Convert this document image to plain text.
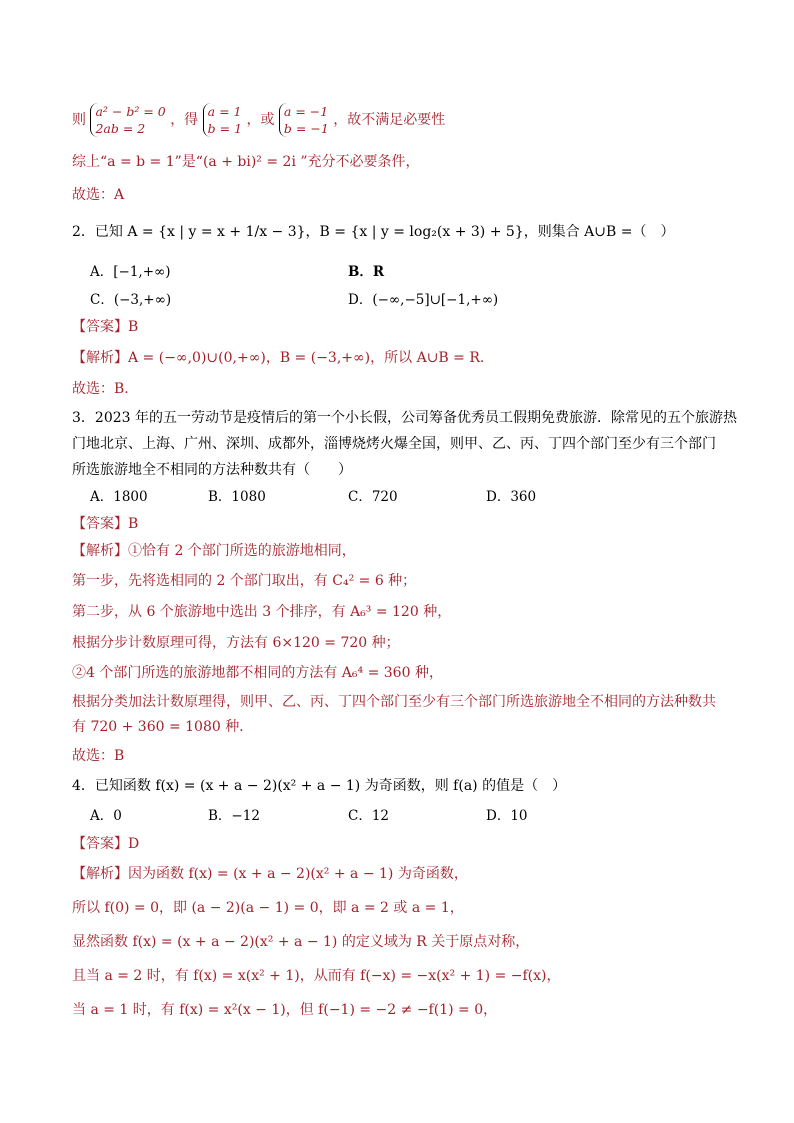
则 a² − b² = 0
2ab = 2 ，得 a = 1
b = 1 ，或 a = −1
b = −1 ，故不满足必要性
综上“a = b = 1”是“(a + bi)² = 2i ”充分不必要条件，
故选：A
2．已知 A = {x | y = x + 1/x − 3}，B = {x | y = log₂(x + 3) + 5}，则集合 A∪B =（　）
A．[−1,+∞)	B．R
C．(−3,+∞)	D．(−∞,−5]∪[−1,+∞)
【答案】B
【解析】A = (−∞,0)∪(0,+∞)，B = (−3,+∞)，所以 A∪B = R.
故选：B.
3．2023 年的五一劳动节是疫情后的第一个小长假，公司筹备优秀员工假期免费旅游．除常见的五个旅游热
门地北京、上海、广州、深圳、成都外，淄博烧烤火爆全国，则甲、乙、丙、丁四个部门至少有三个部门
所选旅游地全不相同的方法种数共有（　　）
A．1800	B．1080	C．720	D．360
【答案】B
【解析】①恰有 2 个部门所选的旅游地相同，
第一步，先将选相同的 2 个部门取出，有 C₄² = 6 种；
第二步，从 6 个旅游地中选出 3 个排序，有 A₆³ = 120 种，
根据分步计数原理可得，方法有 6×120 = 720 种；
②4 个部门所选的旅游地都不相同的方法有 A₆⁴ = 360 种，
根据分类加法计数原理得，则甲、乙、丙、丁四个部门至少有三个部门所选旅游地全不相同的方法种数共
有 720 + 360 = 1080 种．
故选：B
4．已知函数 f(x) = (x + a − 2)(x² + a − 1) 为奇函数，则 f(a) 的值是（　）
A．0	B．−12	C．12	D．10
【答案】D
【解析】因为函数 f(x) = (x + a − 2)(x² + a − 1) 为奇函数，
所以 f(0) = 0，即 (a − 2)(a − 1) = 0，即 a = 2 或 a = 1，
显然函数 f(x) = (x + a − 2)(x² + a − 1) 的定义域为 R 关于原点对称，
且当 a = 2 时，有 f(x) = x(x² + 1)，从而有 f(−x) = −x(x² + 1) = −f(x)，
当 a = 1 时，有 f(x) = x²(x − 1)，但 f(−1) = −2 ≠ −f(1) = 0，
